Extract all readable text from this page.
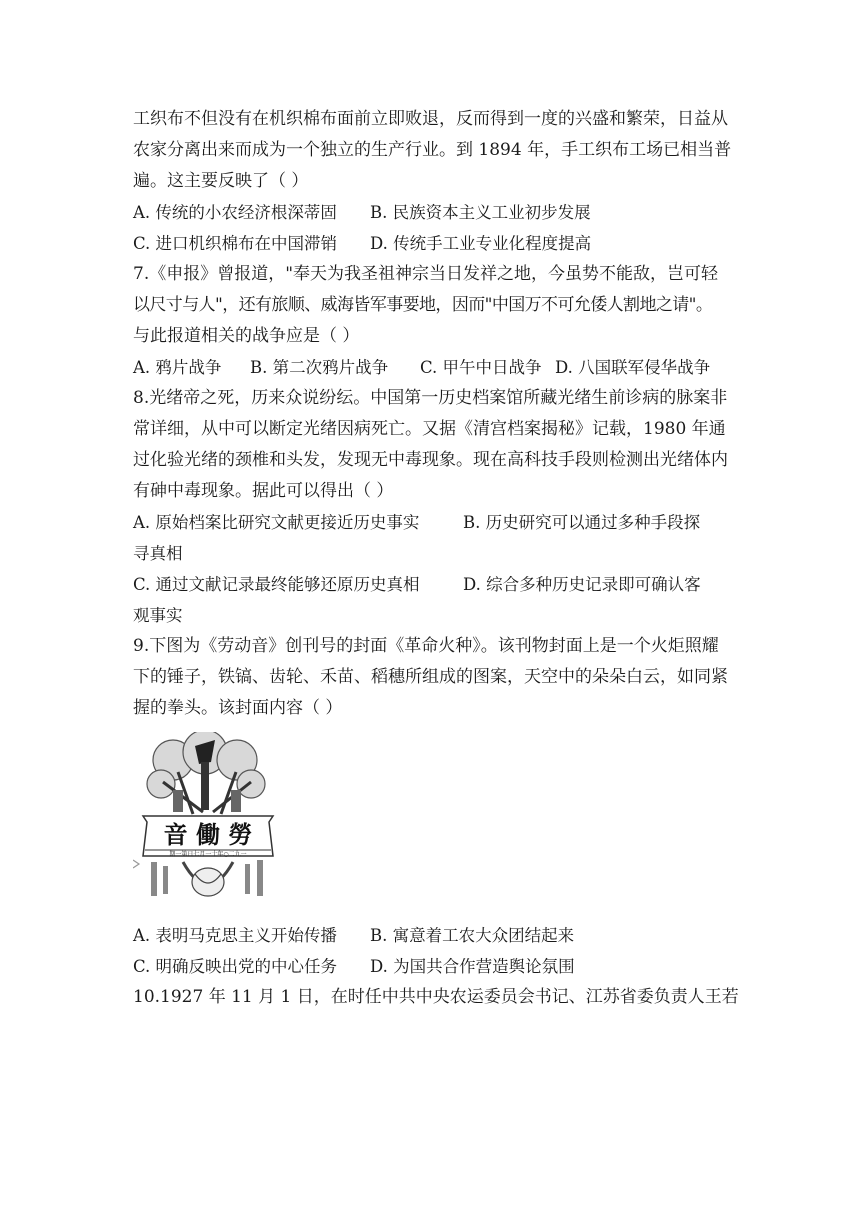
工织布不但没有在机织棉布面前立即败退，反而得到一度的兴盛和繁荣，日益从
农家分离出来而成为一个独立的生产行业。到 1894 年，手工织布工场已相当普
遍。这主要反映了（ ）
A. 传统的小农经济根深蒂固 B. 民族资本主义工业初步发展
C. 进口机织棉布在中国滞销 D. 传统手工业专业化程度提高
7.《申报》曾报道，"奉天为我圣祖神宗当日发祥之地，今虽势不能敌，岂可轻
以尺寸与人"，还有旅顺、威海皆军事要地，因而"中国万不可允倭人割地之请"。
与此报道相关的战争应是（ ）
A. 鸦片战争 B. 第二次鸦片战争 C. 甲午中日战争 D. 八国联军侵华战争
8.光绪帝之死，历来众说纷纭。中国第一历史档案馆所藏光绪生前诊病的脉案非
常详细，从中可以断定光绪因病死亡。又据《清宫档案揭秘》记载，1980 年通
过化验光绪的颈椎和头发，发现无中毒现象。现在高科技手段则检测出光绪体内
有砷中毒现象。据此可以得出（ ）
A. 原始档案比研究文献更接近历史事实	B. 历史研究可以通过多种手段探
寻真相
C. 通过文献记录最终能够还原历史真相	D. 综合多种历史记录即可确认客
观事实
9.下图为《劳动音》创刊号的封面《革命火种》。该刊物封面上是一个火炬照耀
下的锤子，铁镐、齿轮、禾苗、稻穗所组成的图案，天空中的朵朵白云，如同紧
握的拳头。该封面内容（ ）
音 働 勞
期一第日七月一十年○二九一
A. 表明马克思主义开始传播 B. 寓意着工农大众团结起来
C. 明确反映出党的中心任务 D. 为国共合作营造舆论氛围
10.1927 年 11 月 1 日，在时任中共中央农运委员会书记、江苏省委负责人王若
